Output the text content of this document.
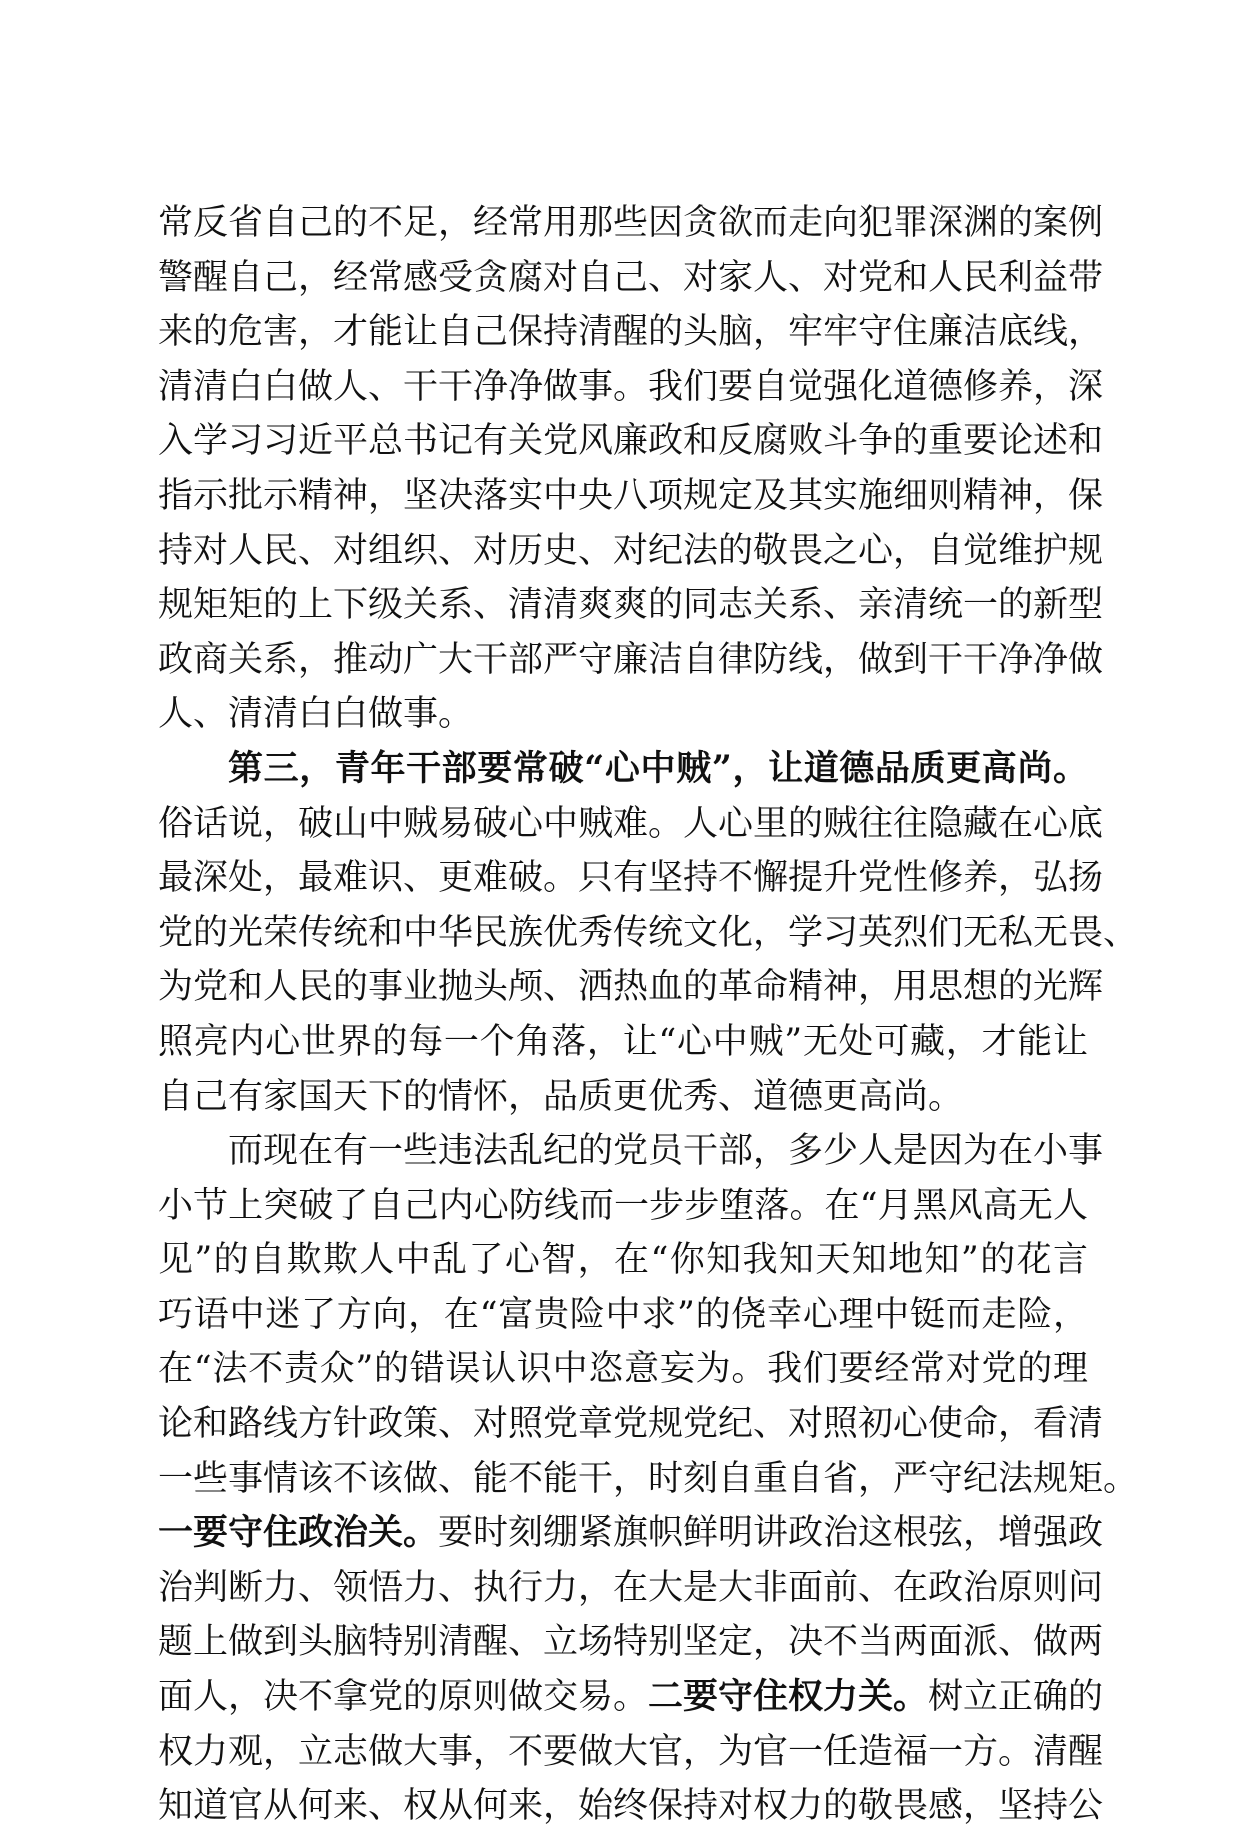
常反省自己的不足，经常用那些因贪欲而走向犯罪深渊的案例
警醒自己，经常感受贪腐对自己、对家人、对党和人民利益带
来的危害，才能让自己保持清醒的头脑，牢牢守住廉洁底线，
清清白白做人、干干净净做事。我们要自觉强化道德修养，深
入学习习近平总书记有关党风廉政和反腐败斗争的重要论述和
指示批示精神，坚决落实中央八项规定及其实施细则精神，保
持对人民、对组织、对历史、对纪法的敬畏之心，自觉维护规
规矩矩的上下级关系、清清爽爽的同志关系、亲清统一的新型
政商关系，推动广大干部严守廉洁自律防线，做到干干净净做
人、清清白白做事。
第三，青年干部要常破“心中贼”，让道德品质更高尚。
俗话说，破山中贼易破心中贼难。人心里的贼往往隐藏在心底
最深处，最难识、更难破。只有坚持不懈提升党性修养，弘扬
党的光荣传统和中华民族优秀传统文化，学习英烈们无私无畏、
为党和人民的事业抛头颅、洒热血的革命精神，用思想的光辉
照亮内心世界的每一个角落，让“心中贼”无处可藏，才能让
自己有家国天下的情怀，品质更优秀、道德更高尚。
而现在有一些违法乱纪的党员干部，多少人是因为在小事
小节上突破了自己内心防线而一步步堕落。在“月黑风高无人
见”的自欺欺人中乱了心智，在“你知我知天知地知”的花言
巧语中迷了方向，在“富贵险中求”的侥幸心理中铤而走险，
在“法不责众”的错误认识中恣意妄为。我们要经常对党的理
论和路线方针政策、对照党章党规党纪、对照初心使命，看清
一些事情该不该做、能不能干，时刻自重自省，严守纪法规矩。
一要守住政治关。要时刻绷紧旗帜鲜明讲政治这根弦，增强政
治判断力、领悟力、执行力，在大是大非面前、在政治原则问
题上做到头脑特别清醒、立场特别坚定，决不当两面派、做两
面人，决不拿党的原则做交易。二要守住权力关。树立正确的
权力观，立志做大事，不要做大官，为官一任造福一方。清醒
知道官从何来、权从何来，始终保持对权力的敬畏感，坚持公
